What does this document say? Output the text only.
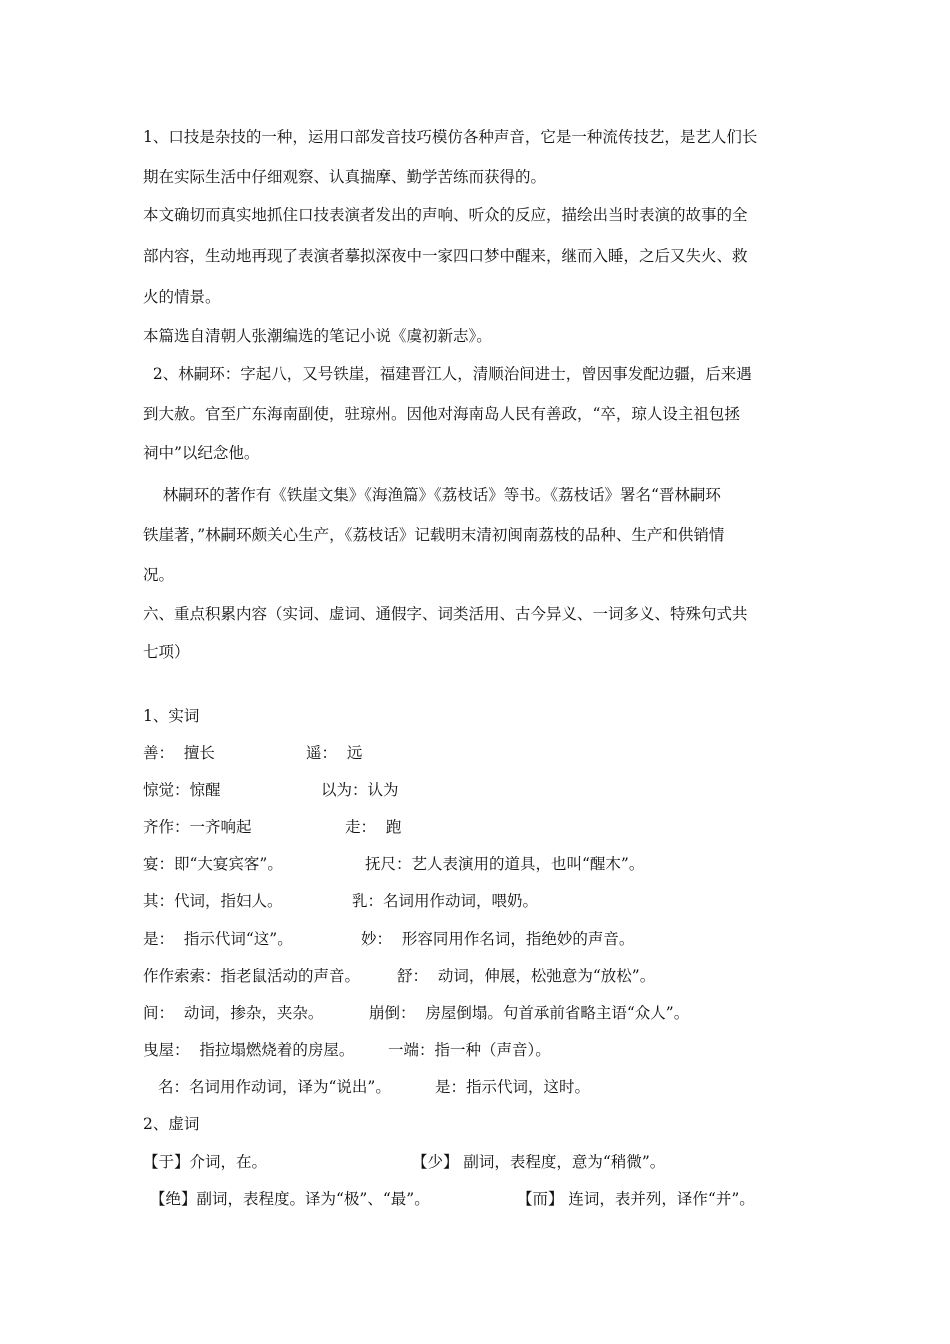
1、口技是杂技的一种，运用口部发音技巧模仿各种声音，它是一种流传技艺，是艺人们长
期在实际生活中仔细观察、认真揣摩、勤学苦练而获得的。
本文确切而真实地抓住口技表演者发出的声响、听众的反应，描绘出当时表演的故事的全
部内容，生动地再现了表演者摹拟深夜中一家四口梦中醒来，继而入睡，之后又失火、救
火的情景。
本篇选自清朝人张潮编选的笔记小说《虞初新志》。
2、林嗣环：字起八，又号铁崖，福建晋江人，清顺治间进士，曾因事发配边疆，后来遇
到大赦。官至广东海南副使，驻琼州。因他对海南岛人民有善政，“卒，琼人设主祖包拯
祠中”以纪念他。
林嗣环的著作有《铁崖文集》《海渔篇》《荔枝话》等书。《荔枝话》署名“晋林嗣环
铁崖著，”林嗣环颇关心生产，《荔枝话》记载明末清初闽南荔枝的品种、生产和供销情
况。
六、重点积累内容（实词、虚词、通假字、词类活用、古今异义、一词多义、特殊句式共
七项）
1、实词
善：  擅长	遥：  远
惊觉：惊醒	以为：认为
齐作：一齐响起	走：  跑
宴：即“大宴宾客”。	抚尺：艺人表演用的道具，也叫“醒木”。
其：代词，指妇人。	乳：名词用作动词，喂奶。
是：  指示代词“这”。	妙：  形容同用作名词，指绝妙的声音。
作作索索：指老鼠活动的声音。 舒：  动词，伸展，松弛意为“放松”。
间：  动词，掺杂，夹杂。	崩倒：  房屋倒塌。句首承前省略主语“众人”。
曳屋：  指拉塌燃烧着的房屋。 一端：指一种（声音）。
名：名词用作动词，译为“说出”。	是：指示代词，这时。
2、虚词
【于】介词，在。	【少】 副词，表程度，意为“稍微”。
【绝】副词，表程度。译为“极”、“最”。	【而】 连词，表并列，译作“并”。
